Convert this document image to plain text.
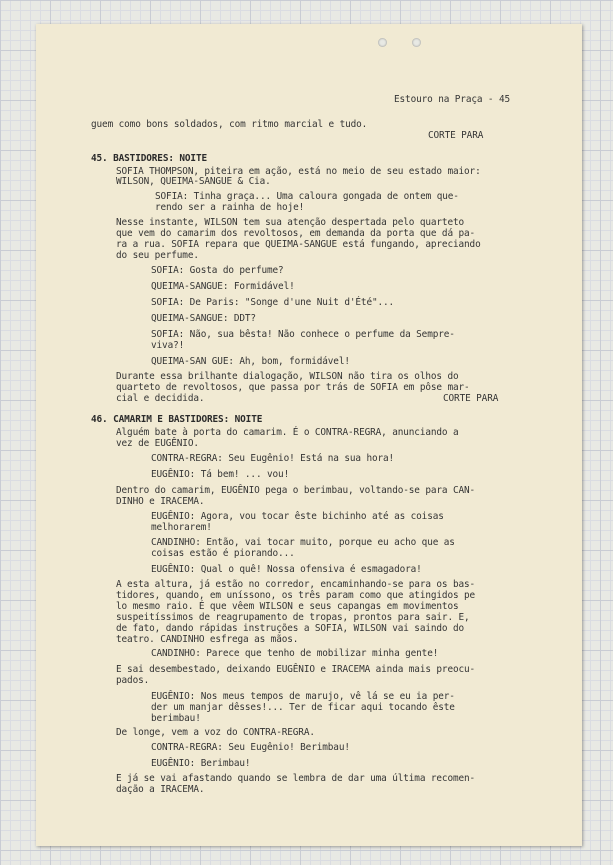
Estouro na Praça - 45
guem como bons soldados, com ritmo marcial e tudo.
CORTE PARA
45. BASTIDORES: NOITE
SOFIA THOMPSON, piteira em ação, está no meio de seu estado maior:
WILSON, QUEIMA-SANGUE & Cia.
SOFIA: Tinha graça... Uma caloura gongada de ontem que-
rendo ser a rainha de hoje!
Nesse instante, WILSON tem sua atenção despertada pelo quarteto
que vem do camarim dos revoltosos, em demanda da porta que dá pa-
ra a rua. SOFIA repara que QUEIMA-SANGUE está fungando, apreciando
do seu perfume.
SOFIA: Gosta do perfume?
QUEIMA-SANGUE: Formidável!
SOFIA: De Paris: "Songe d'une Nuit d'Été"...
QUEIMA-SANGUE: DDT?
SOFIA: Não, sua bêsta! Não conhece o perfume da Sempre-
viva?!
QUEIMA-SAN GUE: Ah, bom, formidável!
Durante essa brilhante dialogação, WILSON não tira os olhos do
quarteto de revoltosos, que passa por trás de SOFIA em pôse mar-
cial e decidida.	CORTE PARA
46. CAMARIM E BASTIDORES: NOITE
Alguém bate à porta do camarim. É o CONTRA-REGRA, anunciando a
vez de EUGÊNIO.
CONTRA-REGRA: Seu Eugênio! Está na sua hora!
EUGÊNIO: Tá bem! ... vou!
Dentro do camarim, EUGÊNIO pega o berimbau, voltando-se para CAN-
DINHO e IRACEMA.
EUGÊNIO: Agora, vou tocar êste bichinho até as coisas
melhorarem!
CANDINHO: Então, vai tocar muito, porque eu acho que as
coisas estão é piorando...
EUGÊNIO: Qual o quê! Nossa ofensiva é esmagadora!
A esta altura, já estão no corredor, encaminhando-se para os bas-
tidores, quando, em uníssono, os três param como que atingidos pe
lo mesmo raio. É que vêem WILSON e seus capangas em movimentos
suspeitíssimos de reagrupamento de tropas, prontos para sair. E,
de fato, dando rápidas instruções a SOFIA, WILSON vai saindo do
teatro. CANDINHO esfrega as mãos.
CANDINHO: Parece que tenho de mobilizar minha gente!
E sai desembestado, deixando EUGÊNIO e IRACEMA ainda mais preocu-
pados.
EUGÊNIO: Nos meus tempos de marujo, vê lá se eu ia per-
der um manjar dêsses!... Ter de ficar aqui tocando êste
berimbau!
De longe, vem a voz do CONTRA-REGRA.
CONTRA-REGRA: Seu Eugênio! Berimbau!
EUGÊNIO: Berimbau!
E já se vai afastando quando se lembra de dar uma última recomen-
dação a IRACEMA.
